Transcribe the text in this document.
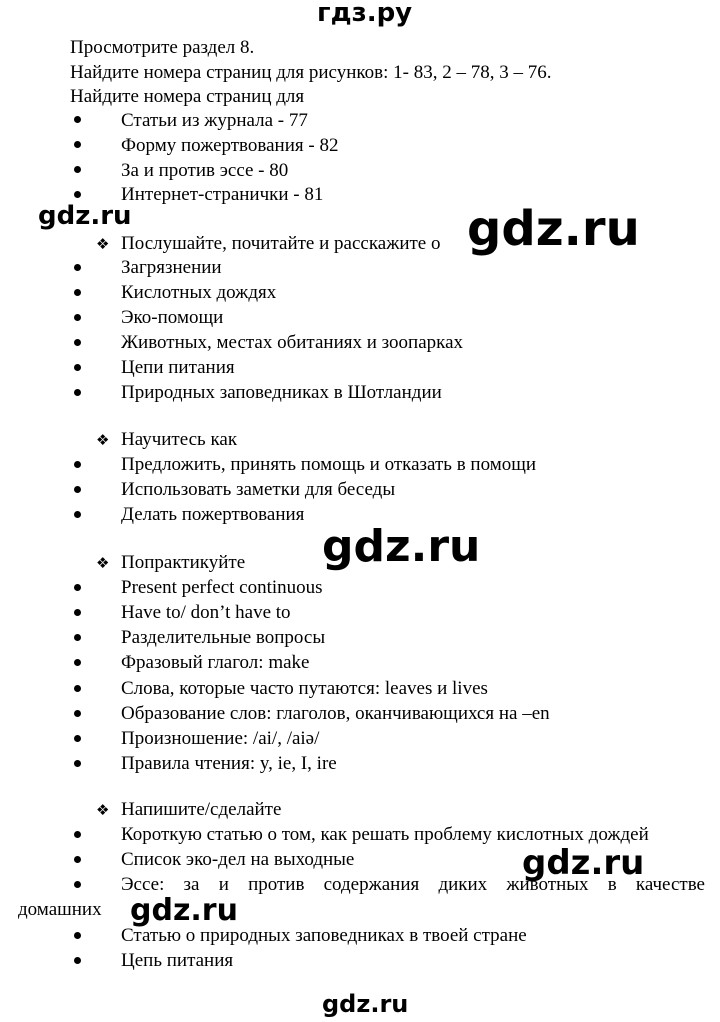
гдз.ру
Просмотрите раздел 8.
Найдите номера страниц для рисунков: 1- 83, 2 – 78, 3 – 76.
Найдите номера страниц для
Статьи из журнала - 77
Форму пожертвования - 82
За и против эссе - 80
Интернет-странички - 81
❖ Послушайте, почитайте и расскажите о
Загрязнении
Кислотных дождях
Эко-помощи
Животных, местах обитаниях и зоопарках
Цепи питания
Природных заповедниках в Шотландии
❖ Научитесь как
Предложить, принять помощь и отказать в помощи
Использовать заметки для беседы
Делать пожертвования
❖ Попрактикуйте
Present perfect continuous
Have to/ don’t have to
Разделительные вопросы
Фразовый глагол: make
Слова, которые часто путаются: leaves и lives
Образование слов: глаголов, оканчивающихся на –en
Произношение: /ai/, /aiə/
Правила чтения: y, ie, I, ire
❖ Напишите/сделайте
Короткую статью о том, как решать проблему кислотных дождей
Список эко-дел на выходные
Эссе: за и против содержания диких животных в качестве
домашних
Статью о природных заповедниках в твоей стране
Цепь питания
gdz.ru	gdz.ru
gdz.ru
gdz.ru
gdz.ru
gdz.ru
